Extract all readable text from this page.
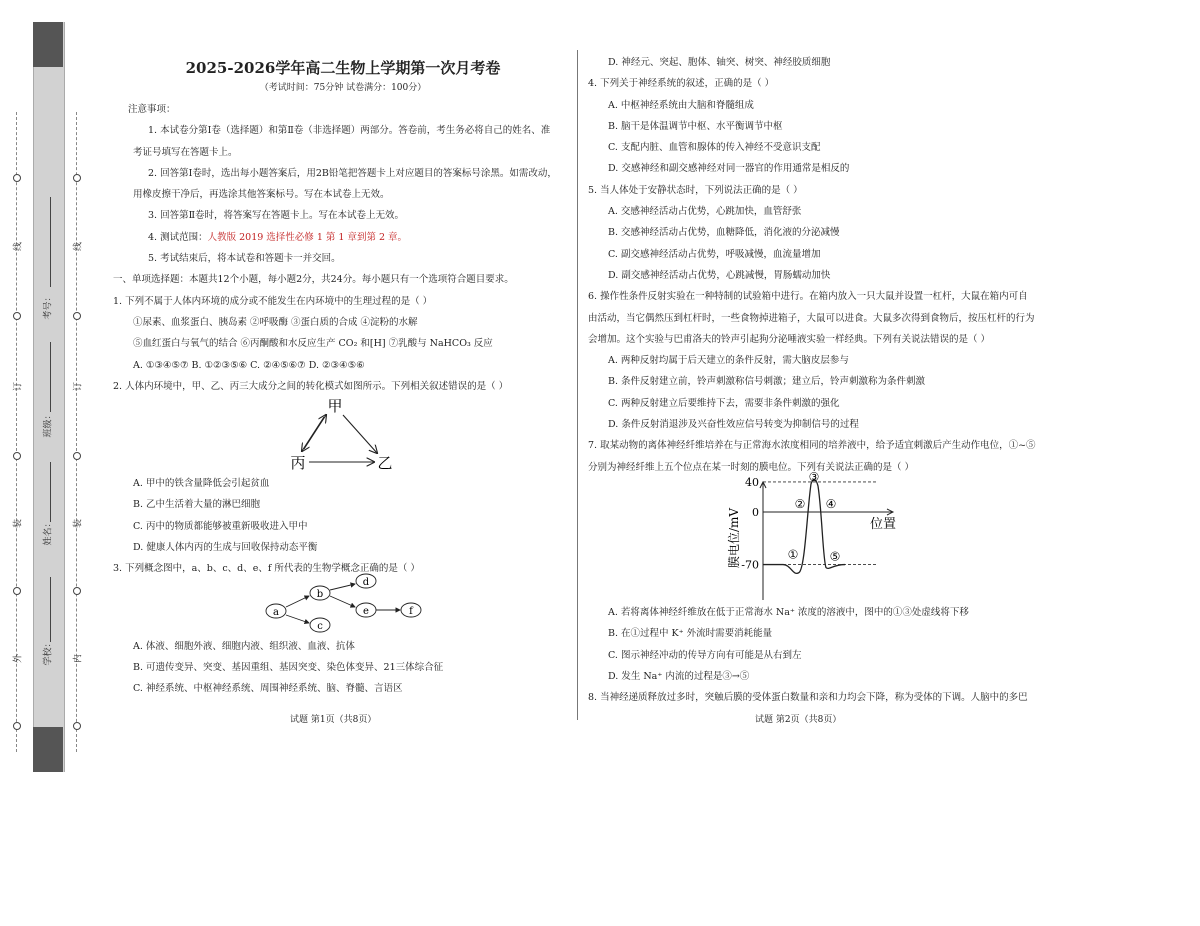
线
订
装
外
线
订
装
内
考号：
班级：
姓名：
学校：
2025-2026学年高二生物上学期第一次月考卷
（考试时间：75分钟 试卷满分：100分）
注意事项：
1. 本试卷分第Ⅰ卷（选择题）和第Ⅱ卷（非选择题）两部分。答卷前，考生务必将自己的姓名、准
考证号填写在答题卡上。
2. 回答第Ⅰ卷时，选出每小题答案后，用2B铅笔把答题卡上对应题目的答案标号涂黑。如需改动，
用橡皮擦干净后，再选涂其他答案标号。写在本试卷上无效。
3. 回答第Ⅱ卷时，将答案写在答题卡上。写在本试卷上无效。
4. 测试范围：人教版 2019 选择性必修 1 第 1 章到第 2 章。
5. 考试结束后，将本试卷和答题卡一并交回。
一、单项选择题：本题共12个小题，每小题2分，共24分。每小题只有一个选项符合题目要求。
1. 下列不属于人体内环境的成分或不能发生在内环境中的生理过程的是（ ）
①尿素、血浆蛋白、胰岛素 ②呼吸酶 ③蛋白质的合成 ④淀粉的水解
⑤血红蛋白与氧气的结合 ⑥丙酮酸和水反应生产 CO₂ 和[H] ⑦乳酸与 NaHCO₃ 反应
A. ①③④⑤⑦ B. ①②③⑤⑥ C. ②④⑤⑥⑦ D. ②③④⑤⑥
2. 人体内环境中，甲、乙、丙三大成分之间的转化模式如图所示。下列相关叙述错误的是（ ）
甲
丙	乙
A. 甲中的铁含量降低会引起贫血
B. 乙中生活着大量的淋巴细胞
C. 丙中的物质都能够被重新吸收进入甲中
D. 健康人体内丙的生成与回收保持动态平衡
3. 下列概念图中，a、b、c、d、e、f 所代表的生物学概念正确的是（ ）
a
b
c
d
e	f
A. 体液、细胞外液、细胞内液、组织液、血液、抗体
B. 可遗传变异、突变、基因重组、基因突变、染色体变异、21三体综合征
C. 神经系统、中枢神经系统、周围神经系统、脑、脊髓、言语区
试题 第1页（共8页）
D. 神经元、突起、胞体、轴突、树突、神经胶质细胞
4. 下列关于神经系统的叙述，正确的是（ ）
A. 中枢神经系统由大脑和脊髓组成
B. 脑干是体温调节中枢、水平衡调节中枢
C. 支配内脏、血管和腺体的传入神经不受意识支配
D. 交感神经和副交感神经对同一器官的作用通常是相反的
5. 当人体处于安静状态时，下列说法正确的是（ ）
A. 交感神经活动占优势，心跳加快，血管舒张
B. 交感神经活动占优势，血糖降低，消化液的分泌减慢
C. 副交感神经活动占优势，呼吸减慢，血流量增加
D. 副交感神经活动占优势，心跳减慢，胃肠蠕动加快
6. 操作性条件反射实验在一种特制的试验箱中进行。在箱内放入一只大鼠并设置一杠杆，大鼠在箱内可自
由活动，当它偶然压到杠杆时，一些食物掉进箱子，大鼠可以进食。大鼠多次得到食物后，按压杠杆的行为
会增加。这个实验与巴甫洛夫的铃声引起狗分泌唾液实验一样经典。下列有关说法错误的是（ ）
A. 两种反射均属于后天建立的条件反射，需大脑皮层参与
B. 条件反射建立前，铃声刺激称信号刺激；建立后，铃声刺激称为条件刺激
C. 两种反射建立后要维持下去，需要非条件刺激的强化
D. 条件反射消退涉及兴奋性效应信号转变为抑制信号的过程
7. 取某动物的离体神经纤维培养在与正常海水浓度相同的培养液中，给予适宜刺激后产生动作电位，①~⑤
分别为神经纤维上五个位点在某一时刻的膜电位。下列有关说法正确的是（ ）
40
0
-70
位置
膜电位/mV	①
②
③
④
⑤
A. 若将离体神经纤维放在低于正常海水 Na⁺ 浓度的溶液中，图中的①③处虚线将下移
B. 在①过程中 K⁺ 外流时需要消耗能量
C. 图示神经冲动的传导方向有可能是从右到左
D. 发生 Na⁺ 内流的过程是③→⑤
8. 当神经递质释放过多时，突触后膜的受体蛋白数量和亲和力均会下降，称为受体的下调。人脑中的多巴
试题 第2页（共8页）
